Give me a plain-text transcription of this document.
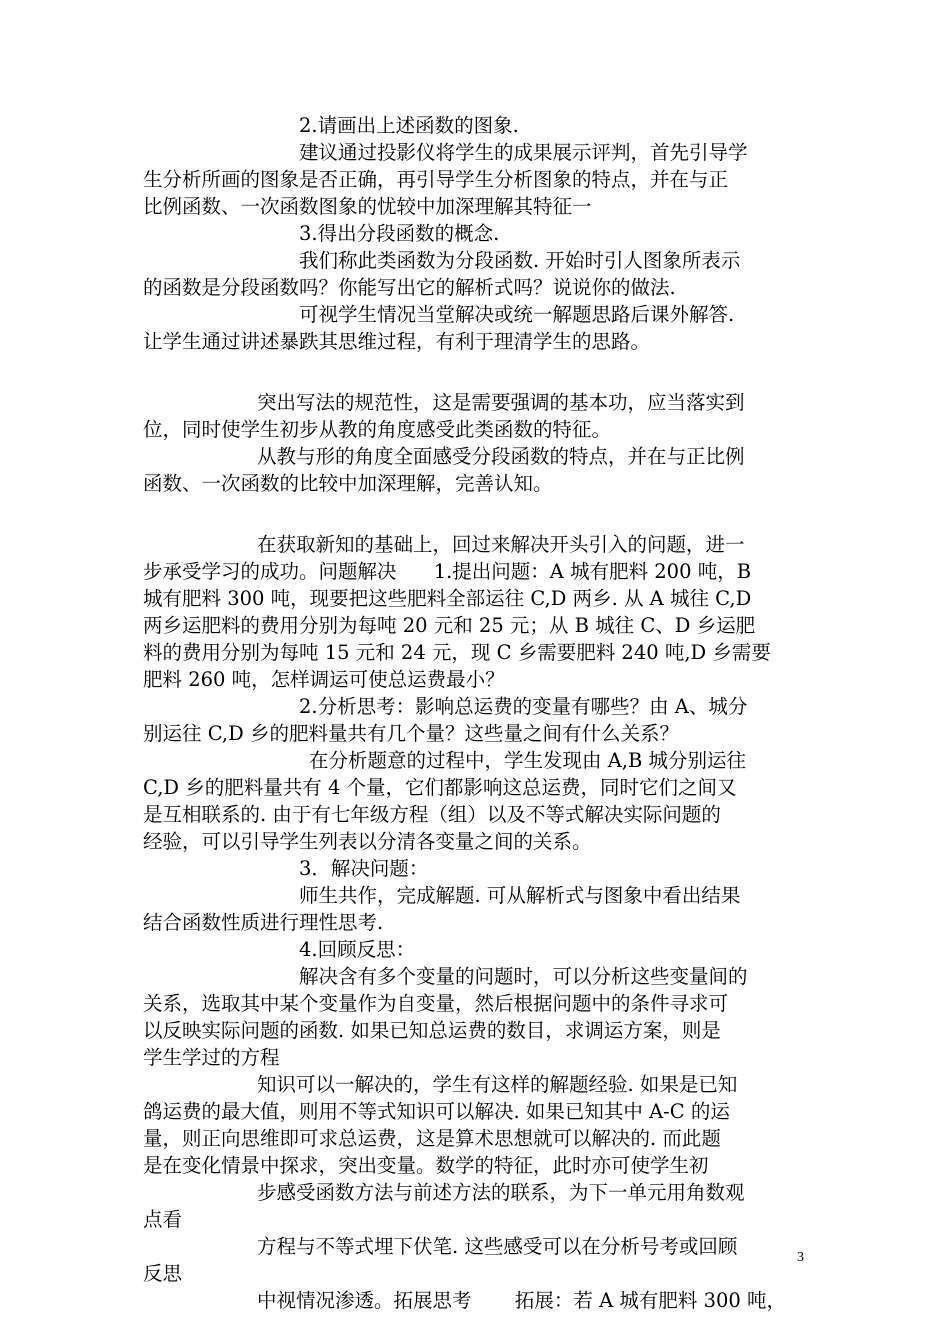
2.请画出上述函数的图象.
建议通过投影仪将学生的成果展示评判，首先引导学
生分析所画的图象是否正确，再引导学生分析图象的特点，并在与正
比例函数、一次函数图象的忧较中加深理解其特征一
3.得出分段函数的概念.
我们称此类函数为分段函数. 开始时引人图象所表示
的函数是分段函数吗？你能写出它的解析式吗？说说你的做法.
可视学生情况当堂解决或统一解题思路后课外解答.
让学生通过讲述暴跌其思维过程，有利于理清学生的思路。
突出写法的规范性，这是需要强调的基本功，应当落实到
位，同时使学生初步从教的角度感受此类函数的特征。
从教与形的角度全面感受分段函数的特点，并在与正比例
函数、一次函数的比较中加深理解，完善认知。
在获取新知的基础上，回过来解决开头引入的问题，进一
步承受学习的成功。问题解决      1.提出问题：A 城有肥料 200 吨，B
城有肥料 300 吨，现要把这些肥料全部运往 C,D 两乡. 从 A 城往 C,D
两乡运肥料的费用分别为每吨 20 元和 25 元；从 B 城往 C、D 乡运肥
料的费用分别为每吨 15 元和 24 元，现 C 乡需要肥料 240 吨,D 乡需要
肥料 260 吨，怎样调运可使总运费最小？
2.分析思考：影响总运费的变量有哪些？由 A、城分
别运往 C,D 乡的肥料量共有几个量？这些量之间有什么关系？
在分析题意的过程中，学生发现由 A,B 城分别运往
C,D 乡的肥料量共有 4 个量，它们都影响这总运费，同时它们之间又
是互相联系的. 由于有七年级方程（组）以及不等式解决实际问题的
经验，可以引导学生列表以分清各变量之间的关系。
3．解决问题：
师生共作，完成解题. 可从解析式与图象中看出结果
结合函数性质进行理性思考.
4.回顾反思：
解决含有多个变量的问题时，可以分析这些变量间的
关系，选取其中某个变量作为自变量，然后根据问题中的条件寻求可
以反映实际问题的函数. 如果已知总运费的数目，求调运方案，则是
学生学过的方程
知识可以一解决的，学生有这样的解题经验. 如果是已知
鸽运费的最大值，则用不等式知识可以解决. 如果已知其中 A-C 的运
量，则正向思维即可求总运费，这是算术思想就可以解决的. 而此题
是在变化情景中探求，突出变量。数学的特征，此时亦可使学生初
步感受函数方法与前述方法的联系，为下一单元用角数观
点看
方程与不等式埋下伏笔. 这些感受可以在分析号考或回顾
反思
中视情况渗透。拓展思考       拓展：若 A 城有肥料 300 吨，
3
